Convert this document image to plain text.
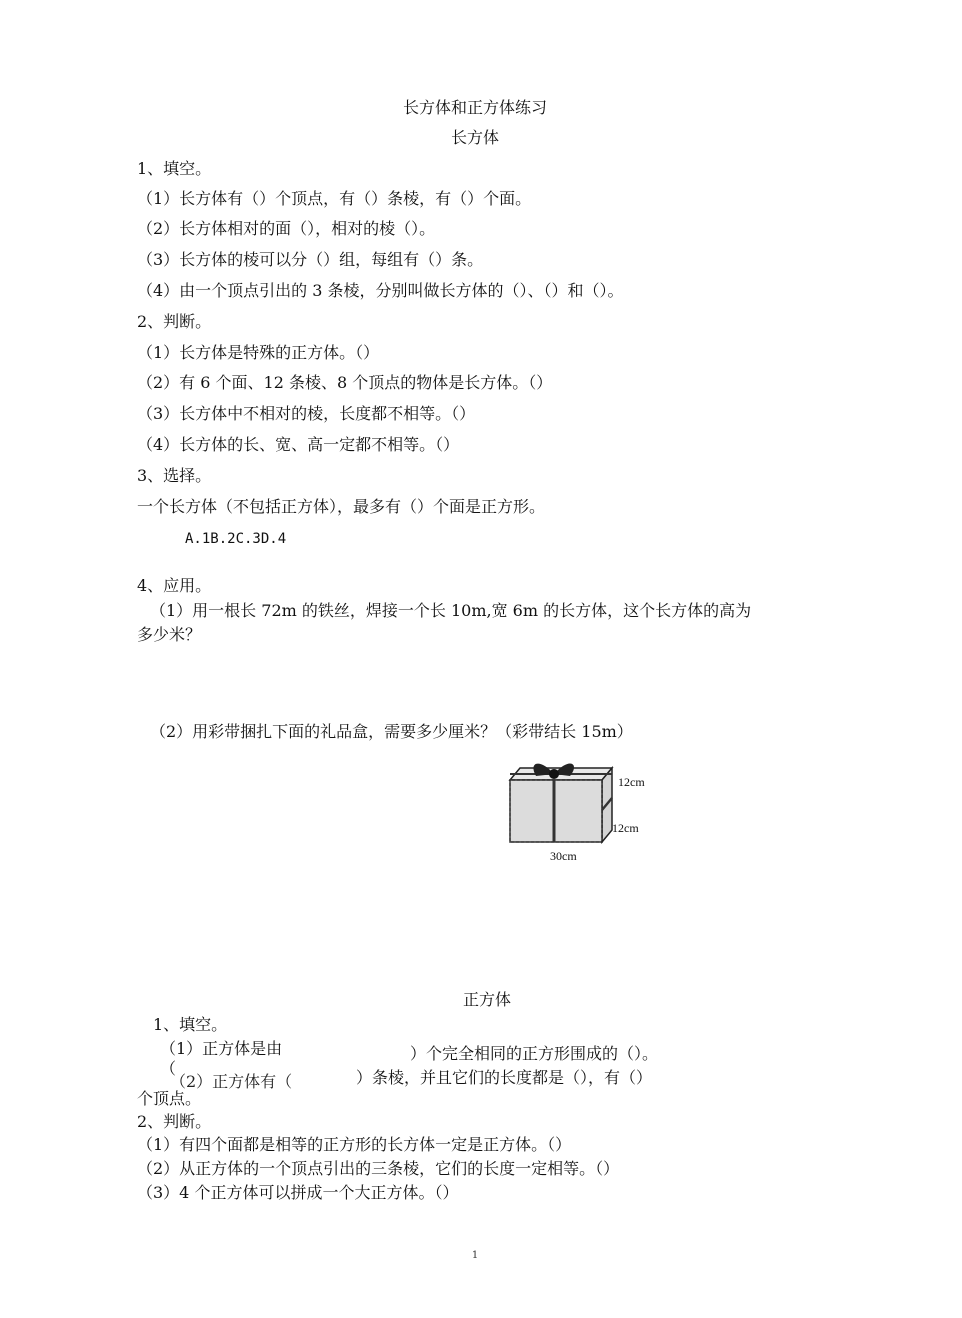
长方体和正方体练习
长方体
1、填空。
（1）长方体有（）个顶点，有（）条棱，有（）个面。
（2）长方体相对的面（），相对的棱（）。
（3）长方体的棱可以分（）组，每组有（）条。
（4）由一个顶点引出的 3 条棱，分别叫做长方体的（）、（）和（）。
2、判断。
（1）长方体是特殊的正方体。（）
（2）有 6 个面、12 条棱、8 个顶点的物体是长方体。（）
（3）长方体中不相对的棱，长度都不相等。（）
（4）长方体的长、宽、高一定都不相等。（）
3、选择。
一个长方体（不包括正方体），最多有（）个面是正方形。
A.1B.2C.3D.4
4、应用。
（1）用一根长 72m 的铁丝，焊接一个长 10m,宽 6m 的长方体，这个长方体的高为
多少米？
（2）用彩带捆扎下面的礼品盒，需要多少厘米？（彩带结长 15m）
12cm
12cm
30cm
正方体
1、填空。
（1）正方体是由	）个完全相同的正方形围成的（）。
（
（2）正方体有（	）条棱，并且它们的长度都是（），有（）
个顶点。
2、判断。
（1）有四个面都是相等的正方形的长方体一定是正方体。（）
（2）从正方体的一个顶点引出的三条棱，它们的长度一定相等。（）
（3）4 个正方体可以拼成一个大正方体。（）
1
